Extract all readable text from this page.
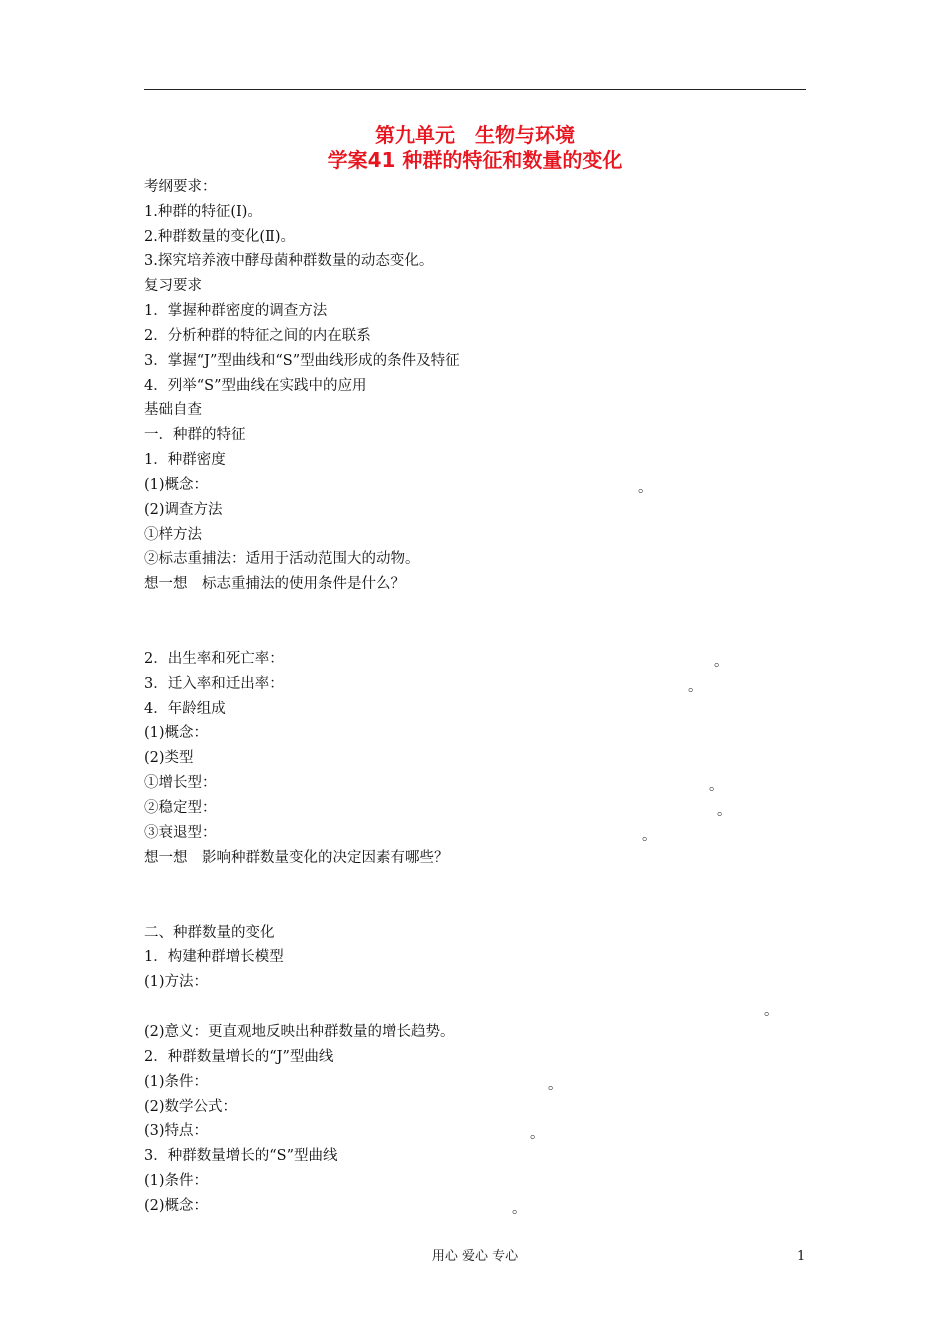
第九单元　生物与环境
学案41 种群的特征和数量的变化
考纲要求：
1.种群的特征(Ⅰ)。
2.种群数量的变化(Ⅱ)。
3.探究培养液中酵母菌种群数量的动态变化。
复习要求
1．掌握种群密度的调查方法
2．分析种群的特征之间的内在联系
3．掌握“J”型曲线和“S”型曲线形成的条件及特征
4．列举“S”型曲线在实践中的应用
基础自查
一．种群的特征
1．种群密度
(1)概念：	。
(2)调查方法
①样方法
②标志重捕法：适用于活动范围大的动物。
想一想　标志重捕法的使用条件是什么？
2．出生率和死亡率：	。
3．迁入率和迁出率：	。
4．年龄组成
(1)概念：
(2)类型
①增长型：	。
②稳定型：	。
③衰退型：	。
想一想　影响种群数量变化的决定因素有哪些？
二、种群数量的变化
1．构建种群增长模型
(1)方法：
。
(2)意义：更直观地反映出种群数量的增长趋势。
2．种群数量增长的“J”型曲线
(1)条件：	。
(2)数学公式：
(3)特点：	。
3．种群数量增长的“S”型曲线
(1)条件：
(2)概念：	。
用心 爱心 专心	1
